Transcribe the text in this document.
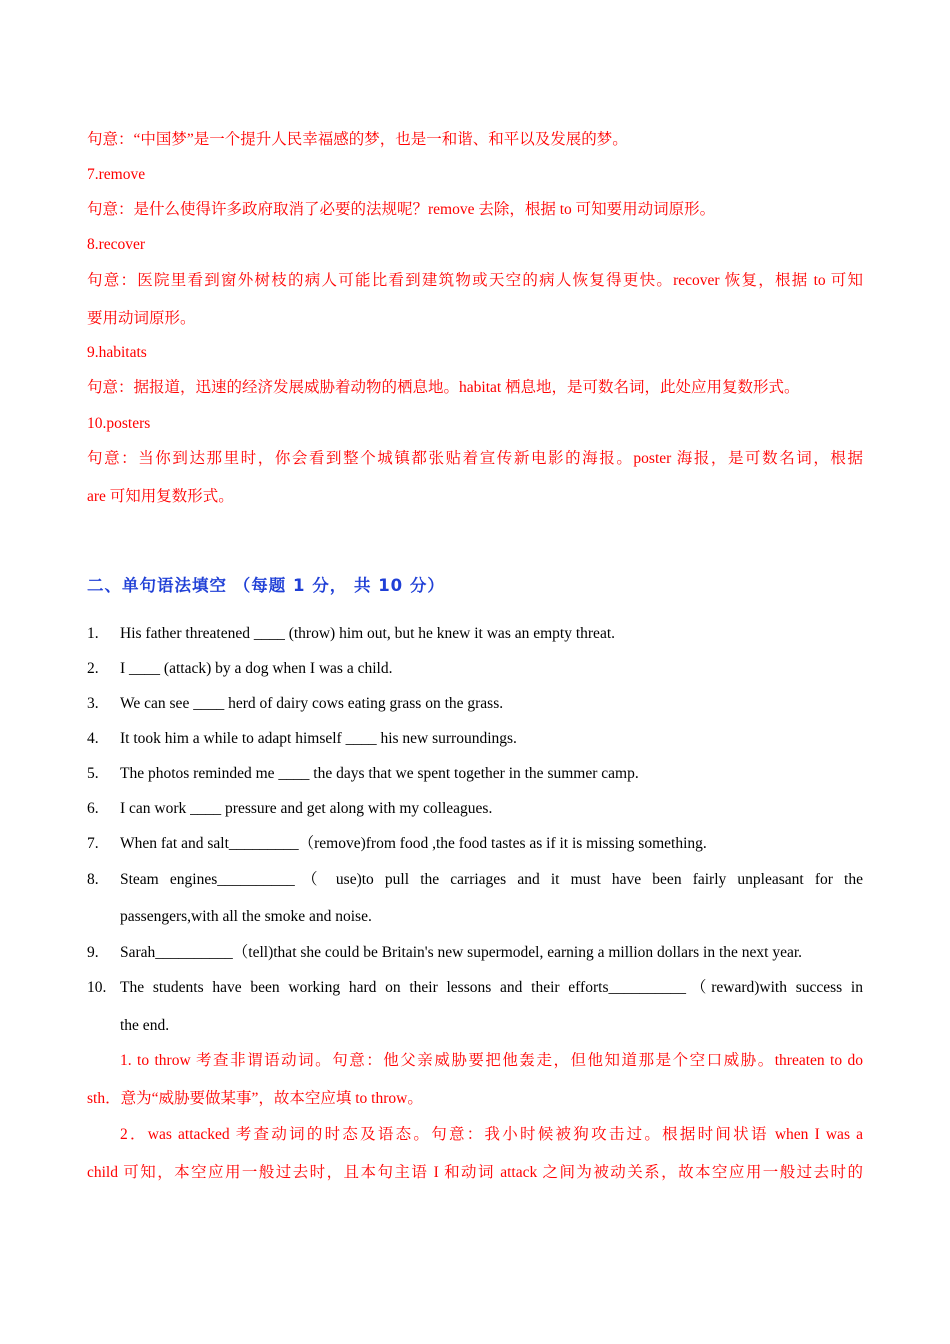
句意：“中国梦”是一个提升人民幸福感的梦，也是一和谐、和平以及发展的梦。
7.remove
句意：是什么使得许多政府取消了必要的法规呢？remove 去除，根据 to 可知要用动词原形。
8.recover
句意：医院里看到窗外树枝的病人可能比看到建筑物或天空的病人恢复得更快。recover 恢复，根据 to 可知
要用动词原形。
9.habitats
句意：据报道，迅速的经济发展威胁着动物的栖息地。habitat 栖息地，是可数名词，此处应用复数形式。
10.posters
句意：当你到达那里时，你会看到整个城镇都张贴着宣传新电影的海报。poster 海报，是可数名词，根据
are 可知用复数形式。
二、单句语法填空 （每题 1 分， 共 10 分）
1. His father threatened ____ (throw) him out, but he knew it was an empty threat.
2. I ____ (attack) by a dog when I was a child.
3. We can see ____ herd of dairy cows eating grass on the grass.
4. It took him a while to adapt himself ____ his new surroundings.
5. The photos reminded me ____ the days that we spent together in the summer camp.
6. I can work ____ pressure and get along with my colleagues.
7. When fat and salt_________（remove)from food ,the food tastes as if it is missing something.
8. Steam engines__________（ use)to pull the carriages and it must have been fairly unpleasant for the
passengers,with all the smoke and noise.
9. Sarah__________（tell)that she could be Britain's new supermodel, earning a million dollars in the next year.
10. The students have been working hard on their lessons and their efforts__________（reward)with success in
the end.
1. to throw 考查非谓语动词。句意：他父亲威胁要把他轰走，但他知道那是个空口威胁。threaten to do
sth．意为“威胁要做某事”，故本空应填 to throw。
2．was attacked 考查动词的时态及语态。句意：我小时候被狗攻击过。根据时间状语 when I was a
child 可知，本空应用一般过去时，且本句主语 I 和动词 attack 之间为被动关系，故本空应用一般过去时的
